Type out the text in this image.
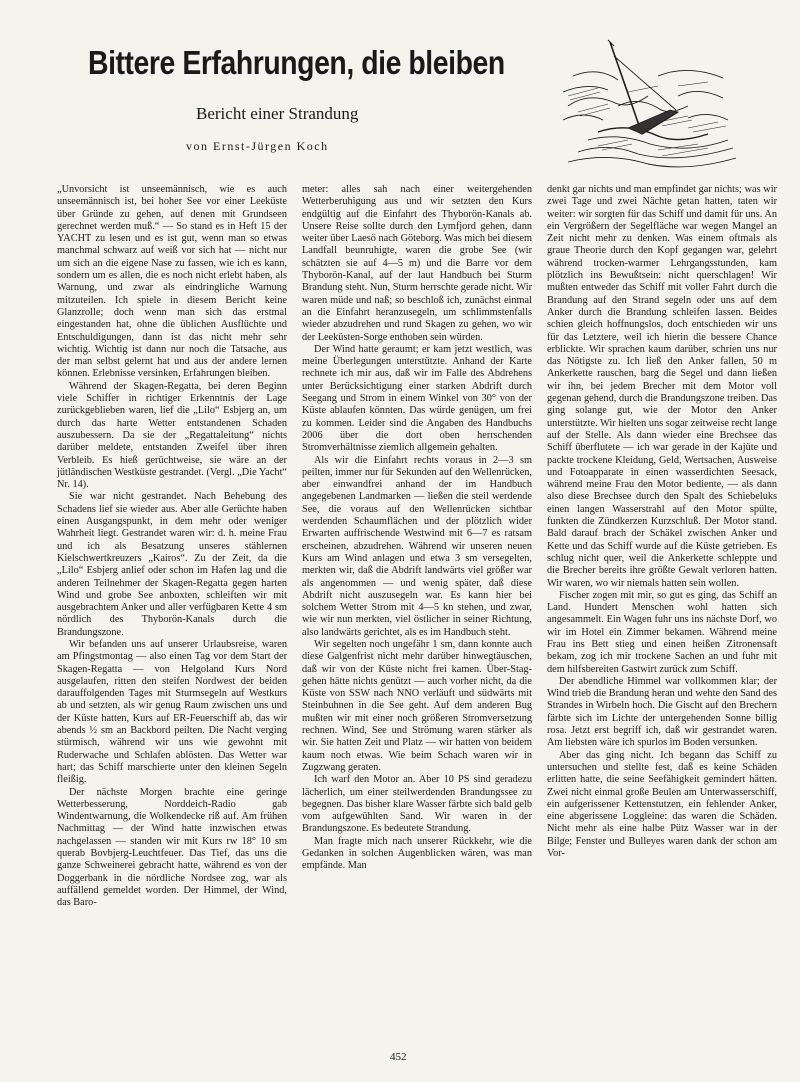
Bittere Erfahrungen, die bleiben
Bericht einer Strandung
von Ernst-Jürgen Koch

„Unvorsicht ist unseemännisch, wie es auch unseemännisch ist, bei hoher See vor einer Leeküste über Gründe zu gehen, auf denen mit Grundseen gerechnet werden muß.“ — So stand es in Heft 15 der YACHT zu lesen und es ist gut, wenn man so etwas manchmal schwarz auf weiß vor sich hat — nicht nur um sich an die eigene Nase zu fassen, wie ich es kann, sondern um es allen, die es noch nicht erlebt haben, als Warnung, und zwar als eindringliche Warnung mitzuteilen. Ich spiele in diesem Bericht keine Glanzrolle; doch wenn man sich das erstmal eingestanden hat, ohne die üblichen Ausflüchte und Entschuldigungen, dann ist das nicht mehr sehr wichtig. Wichtig ist dann nur noch die Tatsache, aus der man selbst gelernt hat und aus der andere lernen können. Erlebnisse versinken, Erfahrungen bleiben.

Während der Skagen-Regatta, bei deren Beginn viele Schiffer in richtiger Erkenntnis der Lage zurückgeblieben waren, lief die „Lilo“ Esbjerg an, um durch das harte Wetter entstandenen Schaden auszubessern. Da sie der „Regattaleitung“ nichts darüber meldete, entstanden Zweifel über ihren Verbleib. Es hieß gerüchtweise, sie wäre an der jütländischen Westküste gestrandet. (Vergl. „Die Yacht“ Nr. 14).

Sie war nicht gestrandet. Nach Behebung des Schadens lief sie wieder aus. Aber alle Gerüchte haben einen Ausgangspunkt, in dem mehr oder weniger Wahrheit liegt. Gestrandet waren wir: d. h. meine Frau und ich als Besatzung unseres stählernen Kielschwertkreuzers „Kairos“. Zu der Zeit, da die „Lilo“ Esbjerg anlief oder schon im Hafen lag und die anderen Teilnehmer der Skagen-Regatta gegen harten Wind und grobe See anboxten, schleiften wir mit ausgebrachtem Anker und aller verfügbaren Kette 4 sm nördlich des Thyborön-Kanals durch die Brandungszone.

Wir befanden uns auf unserer Urlaubsreise, waren am Pfingstmontag — also einen Tag vor dem Start der Skagen-Regatta — von Helgoland Kurs Nord ausgelaufen, ritten den steifen Nordwest der beiden darauffolgenden Tages mit Sturmsegeln auf Westkurs ab und setzten, als wir genug Raum zwischen uns und der Küste hatten, Kurs auf ER-Feuerschiff ab, das wir abends ½ sm an Backbord peilten. Die Nacht verging stürmisch, während wir uns wie gewohnt mit Ruderwache und Schlafen ablösten. Das Wetter war hart; das Schiff marschierte unter den kleinen Segeln fleißig.

Der nächste Morgen brachte eine geringe Wetterbesserung, Norddeich-Radio gab Windentwarnung, die Wolkendecke riß auf. Am frühen Nachmittag — der Wind hatte inzwischen etwas nachgelassen — standen wir mit Kurs rw 18° 10 sm querab Bovbjerg-Leuchtfeuer. Das Tief, das uns die ganze Schweinerei gebracht hatte, während es von der Doggerbank in die nördliche Nordsee zog, war als auffällend gemeldet worden. Der Himmel, der Wind, das Baro-

meter: alles sah nach einer weitergehenden Wetterberuhigung aus und wir setzten den Kurs endgültig auf die Einfahrt des Thyborön-Kanals ab. Unsere Reise sollte durch den Lymfjord gehen, dann weiter über Laesö nach Göteborg. Was mich bei diesem Landfall beunruhigte, waren die grobe See (wir schätzten sie auf 4—5 m) und die Barre vor dem Thyborön-Kanal, auf der laut Handbuch bei Sturm Brandung steht. Nun, Sturm herrschte gerade nicht. Wir waren müde und naß; so beschloß ich, zunächst einmal an die Einfahrt heranzusegeln, um schlimmstenfalls wieder abzudrehen und rund Skagen zu gehen, wo wir der Leeküsten-Sorge enthoben sein würden.

Der Wind hatte geraumt; er kam jetzt westlich, was meine Überlegungen unterstützte. Anhand der Karte rechnete ich mir aus, daß wir im Falle des Abdrehens unter Berücksichtigung einer starken Abdrift durch Seegang und Strom in einem Winkel von 30° von der Küste ablaufen könnten. Das würde genügen, um frei zu kommen. Leider sind die Angaben des Handbuchs 2006 über die dort oben herrschenden Stromverhältnisse ziemlich allgemein gehalten.

Als wir die Einfahrt rechts voraus in 2—3 sm peilten, immer nur für Sekunden auf den Wellenrücken, aber einwandfrei anhand der im Handbuch angegebenen Landmarken — ließen die steil werdende See, die voraus auf den Wellenrücken sichtbar werdenden Schaumflächen und der plötzlich wider Erwarten auffrischende Westwind mit 6—7 es ratsam erscheinen, abzudrehen. Während wir unseren neuen Kurs am Wind anlagen und etwa 3 sm versegelten, merkten wir, daß die Abdrift landwärts viel größer war als angenommen — und wenig später, daß diese Abdrift nicht auszusegeln war. Es kann hier bei solchem Wetter Strom mit 4—5 kn stehen, und zwar, wie wir nun merkten, viel östlicher in seiner Richtung, also landwärts gerichtet, als es im Handbuch steht.

Wir segelten noch ungefähr 1 sm, dann konnte auch diese Galgenfrist nicht mehr darüber hinwegtäuschen, daß wir von der Küste nicht frei kamen. Über-Stag-gehen hätte nichts genützt — auch vorher nicht, da die Küste von SSW nach NNO verläuft und südwärts mit Steinbuhnen in die See geht. Auf dem anderen Bug mußten wir mit einer noch größeren Stromversetzung rechnen. Wind, See und Strömung waren stärker als wir. Sie hatten Zeit und Platz — wir hatten von beidem kaum noch etwas. Wie beim Schach waren wir in Zugzwang geraten.

Ich warf den Motor an. Aber 10 PS sind geradezu lächerlich, um einer steilwerdenden Brandungssee zu begegnen. Das bisher klare Wasser färbte sich bald gelb vom aufgewühlten Sand. Wir waren in der Brandungszone. Es bedeutete Strandung.

Man fragte mich nach unserer Rückkehr, wie die Gedanken in solchen Augenblicken wären, was man empfände. Man

denkt gar nichts und man empfindet gar nichts; was wir zwei Tage und zwei Nächte getan hatten, taten wir weiter: wir sorgten für das Schiff und damit für uns. An ein Vergrößern der Segelfläche war wegen Mangel an Zeit nicht mehr zu denken. Was einem oftmals als graue Theorie durch den Kopf gegangen war, gelehrt während trocken-warmer Lehrgangsstunden, kam plötzlich ins Bewußtsein: nicht querschlagen! Wir mußten entweder das Schiff mit voller Fahrt durch die Brandung auf den Strand segeln oder uns auf dem Anker durch die Brandung schleifen lassen. Beides schien gleich hoffnungslos, doch entschieden wir uns für das Letztere, weil ich hierin die bessere Chance erblickte. Wir sprachen kaum darüber, schrien uns nur das Nötigste zu. Ich ließ den Anker fallen, 50 m Ankerkette rauschen, barg die Segel und dann ließen wir ihn, bei jedem Brecher mit dem Motor voll gegenan gehend, durch die Brandungszone treiben. Das ging solange gut, wie der Motor den Anker unterstützte. Wir hielten uns sogar zeitweise recht lange auf der Stelle. Als dann wieder eine Brechsee das Schiff überflutete — ich war gerade in der Kajüte und packte trockene Kleidung, Geld, Wertsachen, Ausweise und Fotoapparate in einen wasserdichten Seesack, während meine Frau den Motor bediente, — als dann also diese Brechsee durch den Spalt des Schiebeluks einen langen Wasserstrahl auf den Motor spülte, funkten die Zündkerzen Kurzschluß. Der Motor stand. Bald darauf brach der Schäkel zwischen Anker und Kette und das Schiff wurde auf die Küste getrieben. Es schlug nicht quer, weil die Ankerkette schleppte und die Brecher bereits ihre größte Gewalt verloren hatten. Wir waren, wo wir niemals hatten sein wollen.

Fischer zogen mit mir, so gut es ging, das Schiff an Land. Hundert Menschen wohl hatten sich angesammelt. Ein Wagen fuhr uns ins nächste Dorf, wo wir im Hotel ein Zimmer bekamen. Während meine Frau ins Bett stieg und einen heißen Zitronensaft bekam, zog ich mir trockene Sachen an und fuhr mit dem hilfsbereiten Gastwirt zurück zum Schiff.

Der abendliche Himmel war vollkommen klar; der Wind trieb die Brandung heran und wehte den Sand des Strandes in Wirbeln hoch. Die Gischt auf den Brechern färbte sich im Lichte der untergehenden Sonne billig rosa. Jetzt erst begriff ich, daß wir gestrandet waren. Am liebsten wäre ich spurlos im Boden versunken.

Aber das ging nicht. Ich begann das Schiff zu untersuchen und stellte fest, daß es keine Schäden erlitten hatte, die seine Seefähigkeit gemindert hätten. Zwei nicht einmal große Beulen am Unterwasserschiff, ein aufgerissener Kettenstutzen, ein fehlender Anker, eine abgerissene Loggleine: das waren die Schäden. Nicht mehr als eine halbe Pütz Wasser war in der Bilge; Fenster und Bulleyes waren dank der schon am Vor-

452
